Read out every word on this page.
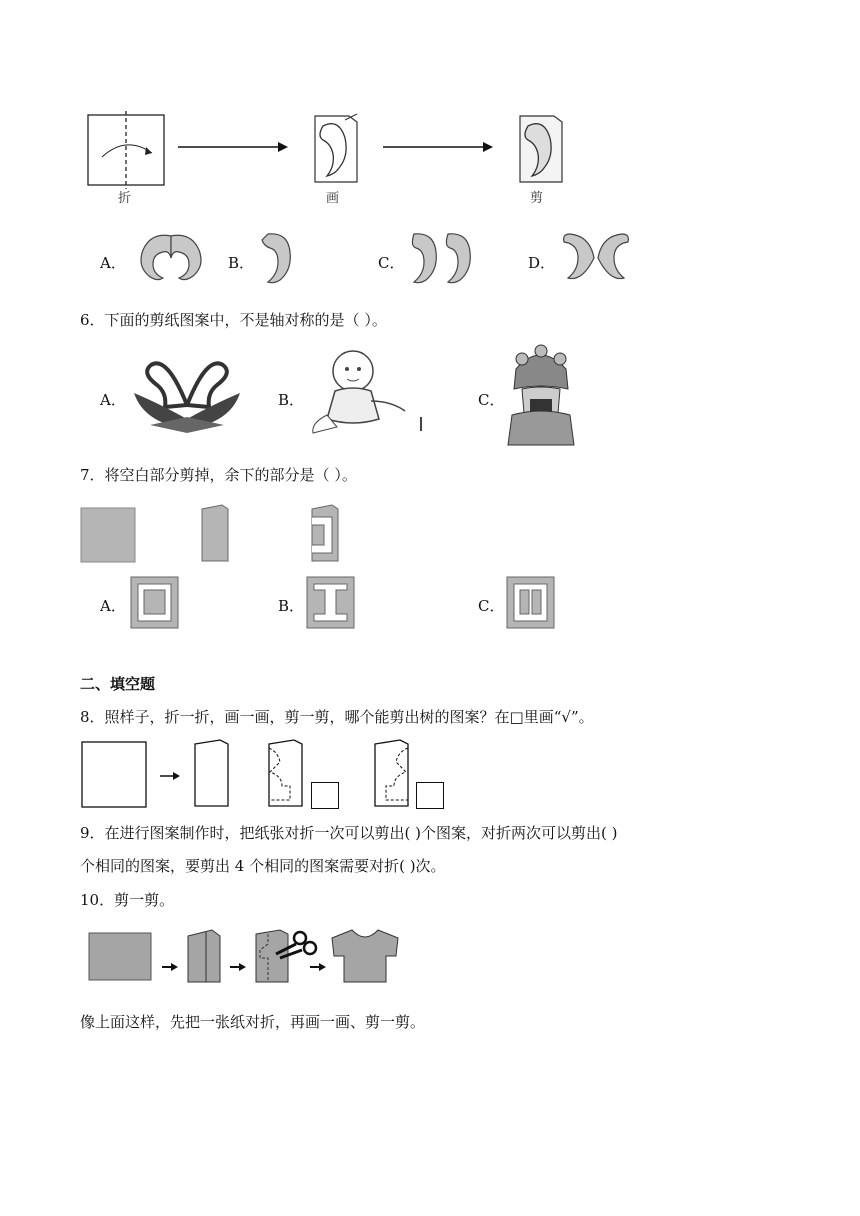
折	画	剪
A．	B．	C．	D．
6．下面的剪纸图案中，不是轴对称的是（ ）。
A．	B．	C．
7．将空白部分剪掉，余下的部分是（ ）。
A．	B．	C．
二、填空题
8．照样子，折一折，画一画，剪一剪，哪个能剪出树的图案？在□里画“√”。
9．在进行图案制作时，把纸张对折一次可以剪出( )个图案，对折两次可以剪出( )
个相同的图案，要剪出 4 个相同的图案需要对折( )次。
10．剪一剪。
像上面这样，先把一张纸对折，再画一画、剪一剪。
